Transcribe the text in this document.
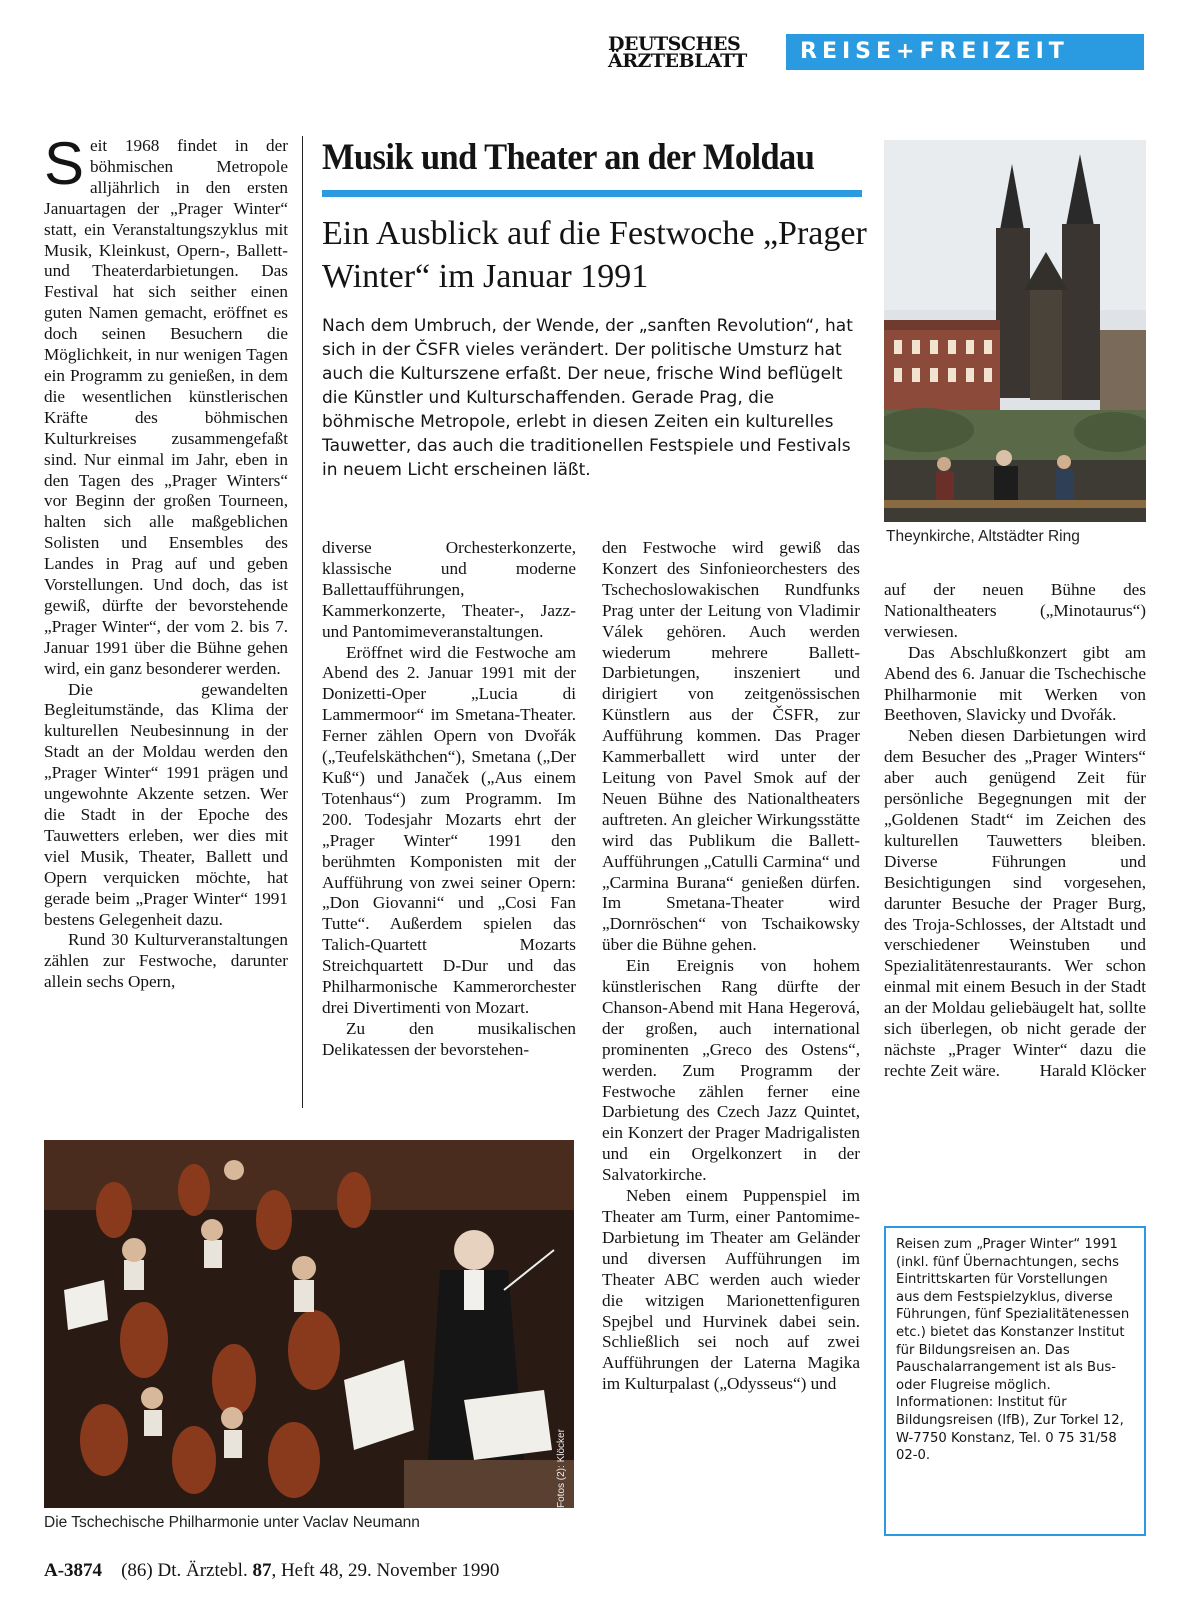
DEUTSCHES
ÄRZTEBLATT	REISE+FREIZEIT

Seit 1968 findet in der böhmischen Metropole alljährlich in den ersten Januartagen der „Prager Winter“ statt, ein Veranstaltungszyklus mit Musik, Kleinkust, Opern-, Ballett- und Theaterdarbietungen. Das Festival hat sich seither einen guten Namen gemacht, eröffnet es doch seinen Besuchern die Möglichkeit, in nur wenigen Tagen ein Programm zu genießen, in dem die wesentlichen künstlerischen Kräfte des böhmischen Kulturkreises zusammengefaßt sind. Nur einmal im Jahr, eben in den Tagen des „Prager Winters“ vor Beginn der großen Tourneen, halten sich alle maßgeblichen Solisten und Ensembles des Landes in Prag auf und geben Vorstellungen. Und doch, das ist gewiß, dürfte der bevorstehende „Prager Winter“, der vom 2. bis 7. Januar 1991 über die Bühne gehen wird, ein ganz besonderer werden.

Die gewandelten Begleitumstände, das Klima der kulturellen Neubesinnung in der Stadt an der Moldau werden den „Prager Winter“ 1991 prägen und ungewohnte Akzente setzen. Wer die Stadt in der Epoche des Tauwetters erleben, wer dies mit viel Musik, Theater, Ballett und Opern verquicken möchte, hat gerade beim „Prager Winter“ 1991 bestens Gelegenheit dazu.

Rund 30 Kulturveranstaltungen zählen zur Festwoche, darunter allein sechs Opern,

Musik und Theater an der Moldau
Ein Ausblick auf die Festwoche „Prager Winter“ im Januar 1991
Nach dem Umbruch, der Wende, der „sanften Revolution“, hat sich in der ČSFR vieles verändert. Der politische Umsturz hat auch die Kulturszene erfaßt. Der neue, frische Wind beflügelt die Künstler und Kulturschaffenden. Gerade Prag, die böhmische Metropole, erlebt in diesen Zeiten ein kulturelles Tauwetter, das auch die traditionellen Festspiele und Festivals in neuem Licht erscheinen läßt.
Theynkirche, Altstädter Ring

diverse Orchesterkonzerte, klassische und moderne Ballettaufführungen, Kammerkonzerte, Theater-, Jazz- und Pantomimeveranstaltungen.

Eröffnet wird die Festwoche am Abend des 2. Januar 1991 mit der Donizetti-Oper „Lucia di Lammermoor“ im Smetana-Theater. Ferner zählen Opern von Dvořák („Teufelskäthchen“), Smetana („Der Kuß“) und Janaček („Aus einem Totenhaus“) zum Programm. Im 200. Todesjahr Mozarts ehrt der „Prager Winter“ 1991 den berühmten Komponisten mit der Aufführung von zwei seiner Opern: „Don Giovanni“ und „Cosi Fan Tutte“. Außerdem spielen das Talich-Quartett Mozarts Streichquartett D-Dur und das Philharmonische Kammerorchester drei Divertimenti von Mozart.

Zu den musikalischen Delikatessen der bevorstehen-

den Festwoche wird gewiß das Konzert des Sinfonieorchesters des Tschechoslowakischen Rundfunks Prag unter der Leitung von Vladimir Válek gehören. Auch werden wiederum mehrere Ballett-Darbietungen, inszeniert und dirigiert von zeitgenössischen Künstlern aus der ČSFR, zur Aufführung kommen. Das Prager Kammerballett wird unter der Leitung von Pavel Smok auf der Neuen Bühne des Nationaltheaters auftreten. An gleicher Wirkungsstätte wird das Publikum die Ballett-Aufführungen „Catulli Carmina“ und „Carmina Burana“ genießen dürfen. Im Smetana-Theater wird „Dornröschen“ von Tschaikowsky über die Bühne gehen.

Ein Ereignis von hohem künstlerischen Rang dürfte der Chanson-Abend mit Hana Hegerová, der großen, auch international prominenten „Greco des Ostens“, werden. Zum Programm der Festwoche zählen ferner eine Darbietung des Czech Jazz Quintet, ein Konzert der Prager Madrigalisten und ein Orgelkonzert in der Salvatorkirche.

Neben einem Puppenspiel im Theater am Turm, einer Pantomime-Darbietung im Theater am Geländer und diversen Aufführungen im Theater ABC werden auch wieder die witzigen Marionettenfiguren Spejbel und Hurvinek dabei sein. Schließlich sei noch auf zwei Aufführungen der Laterna Magika im Kulturpalast („Odysseus“) und

auf der neuen Bühne des Nationaltheaters („Minotaurus“) verwiesen.

Das Abschlußkonzert gibt am Abend des 6. Januar die Tschechische Philharmonie mit Werken von Beethoven, Slavicky und Dvořák.

Neben diesen Darbietungen wird dem Besucher des „Prager Winters“ aber auch genügend Zeit für persönliche Begegnungen mit der „Goldenen Stadt“ im Zeichen des kulturellen Tauwetters bleiben. Diverse Führungen und Besichtigungen sind vorgesehen, darunter Besuche der Prager Burg, des Troja-Schlosses, der Altstadt und verschiedener Weinstuben und Spezialitätenrestaurants. Wer schon einmal mit einem Besuch in der Stadt an der Moldau geliebäugelt hat, sollte sich überlegen, ob nicht gerade der nächste „Prager Winter“ dazu die rechte Zeit wäre.	Harald Klöcker

Fotos (2): Klöcker
Die Tschechische Philharmonie unter Vaclav Neumann
Reisen zum „Prager Winter“ 1991 (inkl. fünf Übernachtungen, sechs Eintrittskarten für Vorstellungen aus dem Festspielzyklus, diverse Führungen, fünf Spezialitätenessen etc.) bietet das Konstanzer Institut für Bildungsreisen an. Das Pauschalarrangement ist als Bus- oder Flugreise möglich. Informationen: Institut für Bildungsreisen (IfB), Zur Torkel 12, W-7750 Konstanz, Tel. 0 75 31/58 02-0.
A-3874 (86) Dt. Ärztebl. 87, Heft 48, 29. November 1990
